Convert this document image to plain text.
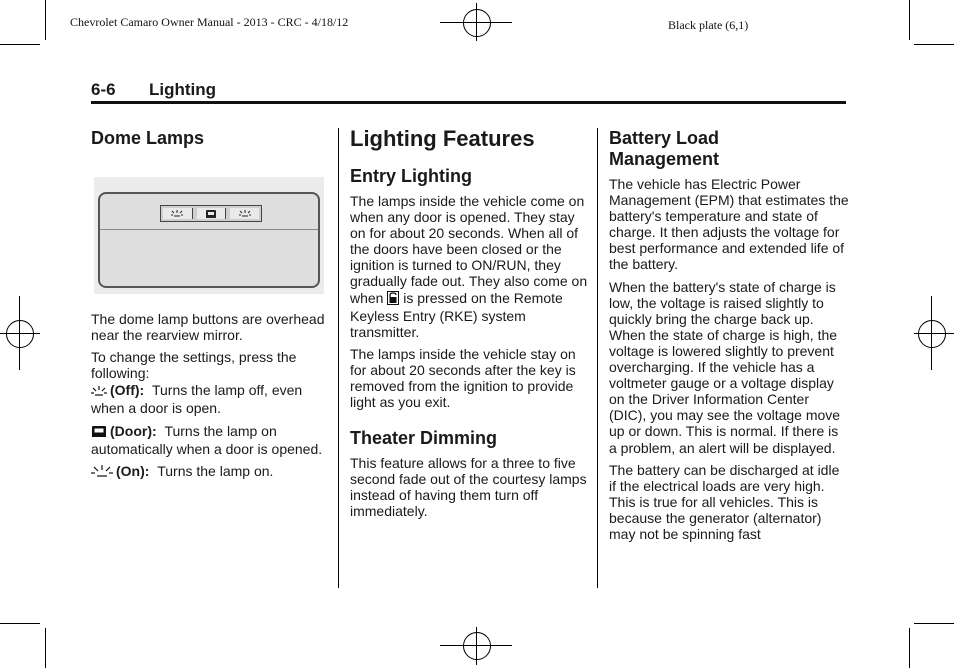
Chevrolet Camaro Owner Manual - 2013 - CRC - 4/18/12	Black plate (6,1)
6-6 Lighting
Dome Lamps

The dome lamp buttons are overhead near the rearview mirror.

To change the settings, press the following:

(Off): Turns the lamp off, even when a door is open.

(Door): Turns the lamp on automatically when a door is opened.

(On): Turns the lamp on.

Lighting Features
Entry Lighting

The lamps inside the vehicle come on when any door is opened. They stay on for about 20 seconds. When all of the doors have been closed or the ignition is turned to ON/RUN, they gradually fade out. They also come on when is pressed on the Remote Keyless Entry (RKE) system transmitter.

The lamps inside the vehicle stay on for about 20 seconds after the key is removed from the ignition to provide light as you exit.

Theater Dimming

This feature allows for a three to five second fade out of the courtesy lamps instead of having them turn off immediately.

Battery Load Management

The vehicle has Electric Power Management (EPM) that estimates the battery's temperature and state of charge. It then adjusts the voltage for best performance and extended life of the battery.

When the battery's state of charge is low, the voltage is raised slightly to quickly bring the charge back up. When the state of charge is high, the voltage is lowered slightly to prevent overcharging. If the vehicle has a voltmeter gauge or a voltage display on the Driver Information Center (DIC), you may see the voltage move up or down. This is normal. If there is a problem, an alert will be displayed.

The battery can be discharged at idle if the electrical loads are very high. This is true for all vehicles. This is because the generator (alternator) may not be spinning fast
